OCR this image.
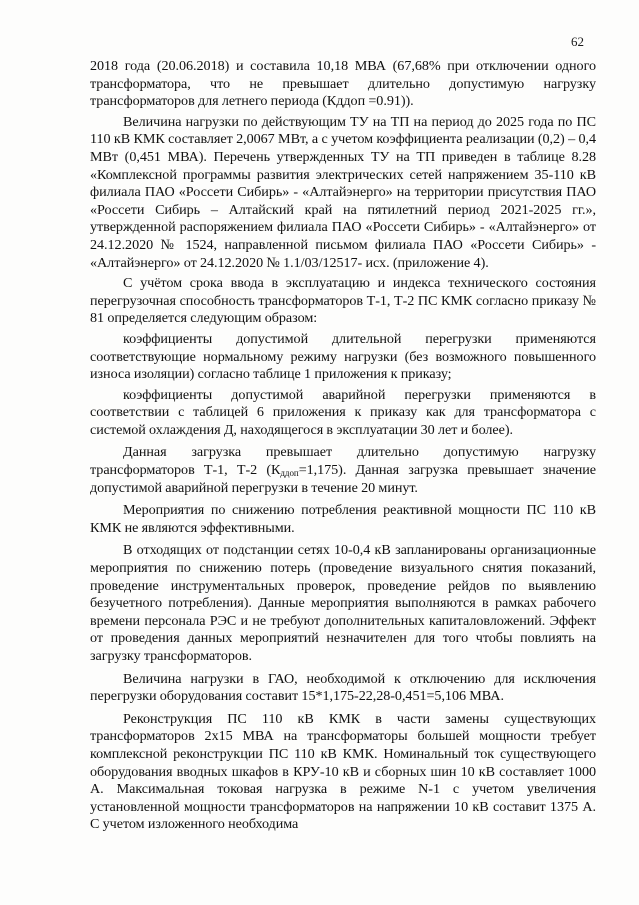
62

2018 года (20.06.2018) и составила 10,18 МВА (67,68% при отключении одного трансформатора, что не превышает длительно допустимую нагрузку трансформаторов для летнего периода (Кддоп =0.91)).

Величина нагрузки по действующим ТУ на ТП на период до 2025 года по ПС 110 кВ КМК составляет 2,0067 МВт, а с учетом коэффициента реализации (0,2) – 0,4 МВт (0,451 МВА). Перечень утвержденных ТУ на ТП приведен в таблице 8.28 «Комплексной программы развития электрических сетей напряжением 35-110 кВ филиала ПАО «Россети Сибирь» - «Алтайэнерго» на территории присутствия ПАО «Россети Сибирь – Алтайский край на пятилетний период 2021-2025 гг.», утвержденной распоряжением филиала ПАО «Россети Сибирь» - «Алтайэнерго» от 24.12.2020 № 1524, направленной письмом филиала ПАО «Россети Сибирь» - «Алтайэнерго» от 24.12.2020 № 1.1/03/12517- исх. (приложение 4).

С учётом срока ввода в эксплуатацию и индекса технического состояния перегрузочная способность трансформаторов Т-1, Т-2 ПС КМК согласно приказу № 81 определяется следующим образом:

коэффициенты допустимой длительной перегрузки применяются соответствующие нормальному режиму нагрузки (без возможного повышенного износа изоляции) согласно таблице 1 приложения к приказу;

коэффициенты допустимой аварийной перегрузки применяются в соответствии с таблицей 6 приложения к приказу как для трансформатора с системой охлаждения Д, находящегося в эксплуатации 30 лет и более).

Данная загрузка превышает длительно допустимую нагрузку трансформаторов Т-1, Т-2 $(К_{ддоп}=1,175)$. Данная загрузка превышает значение допустимой аварийной перегрузки в течение 20 минут.

Мероприятия по снижению потребления реактивной мощности ПС 110 кВ КМК не являются эффективными.

В отходящих от подстанции сетях 10-0,4 кВ запланированы организационные мероприятия по снижению потерь (проведение визуального снятия показаний, проведение инструментальных проверок, проведение рейдов по выявлению безучетного потребления). Данные мероприятия выполняются в рамках рабочего времени персонала РЭС и не требуют дополнительных капиталовложений. Эффект от проведения данных мероприятий незначителен для того чтобы повлиять на загрузку трансформаторов.

Величина нагрузки в ГАО, необходимой к отключению для исключения перегрузки оборудования составит 15*1,175-22,28-0,451=5,106 МВА.

Реконструкция ПС 110 кВ КМК в части замены существующих трансформаторов 2х15 МВА на трансформаторы большей мощности требует комплексной реконструкции ПС 110 кВ КМК. Номинальный ток существующего оборудования вводных шкафов в КРУ-10 кВ и сборных шин 10 кВ составляет 1000 А. Максимальная токовая нагрузка в режиме N-1 с учетом увеличения установленной мощности трансформаторов на напряжении 10 кВ составит 1375 А. С учетом изложенного необходима
